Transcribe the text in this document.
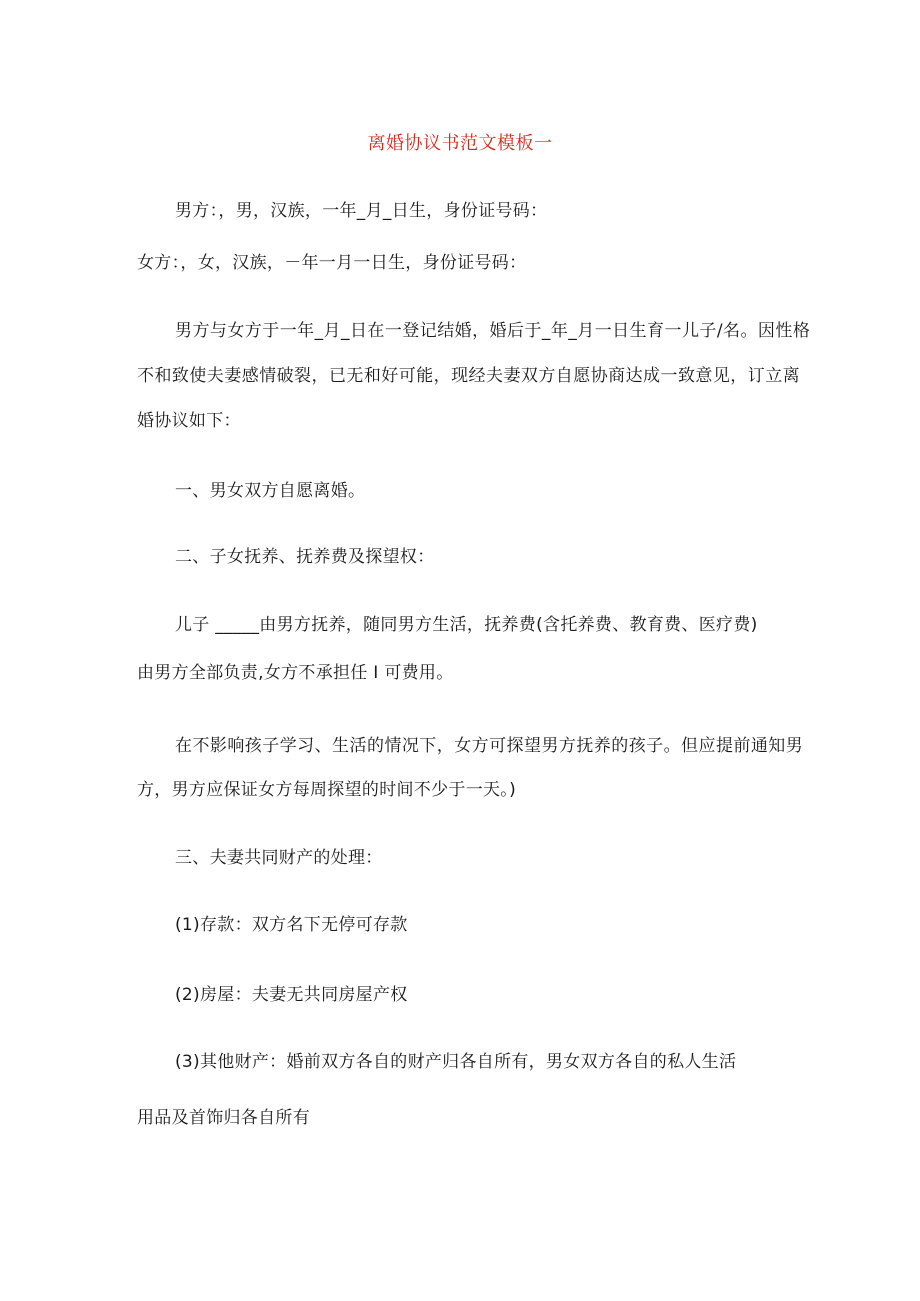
离婚协议书范文模板一
男方：，男，汉族，一年_月_日生，身份证号码：
女方：，女，汉族，－年一月一日生，身份证号码：
男方与女方于一年_月_日在一登记结婚，婚后于_年_月一日生育一儿子/名。因性格
不和致使夫妻感情破裂，已无和好可能，现经夫妻双方自愿协商达成一致意见，订立离
婚协议如下：
一、男女双方自愿离婚。
二、子女抚养、抚养费及探望权：
儿子 _____由男方抚养，随同男方生活，抚养费(含托养费、教育费、医疗费)
由男方全部负责,女方不承担任 I 可费用。
在不影响孩子学习、生活的情况下，女方可探望男方抚养的孩子。但应提前通知男
方，男方应保证女方每周探望的时间不少于一天。)
三、夫妻共同财产的处理：
(1)存款：双方名下无停可存款
(2)房屋：夫妻无共同房屋产权
(3)其他财产：婚前双方各自的财产归各自所有，男女双方各自的私人生活
用品及首饰归各自所有
